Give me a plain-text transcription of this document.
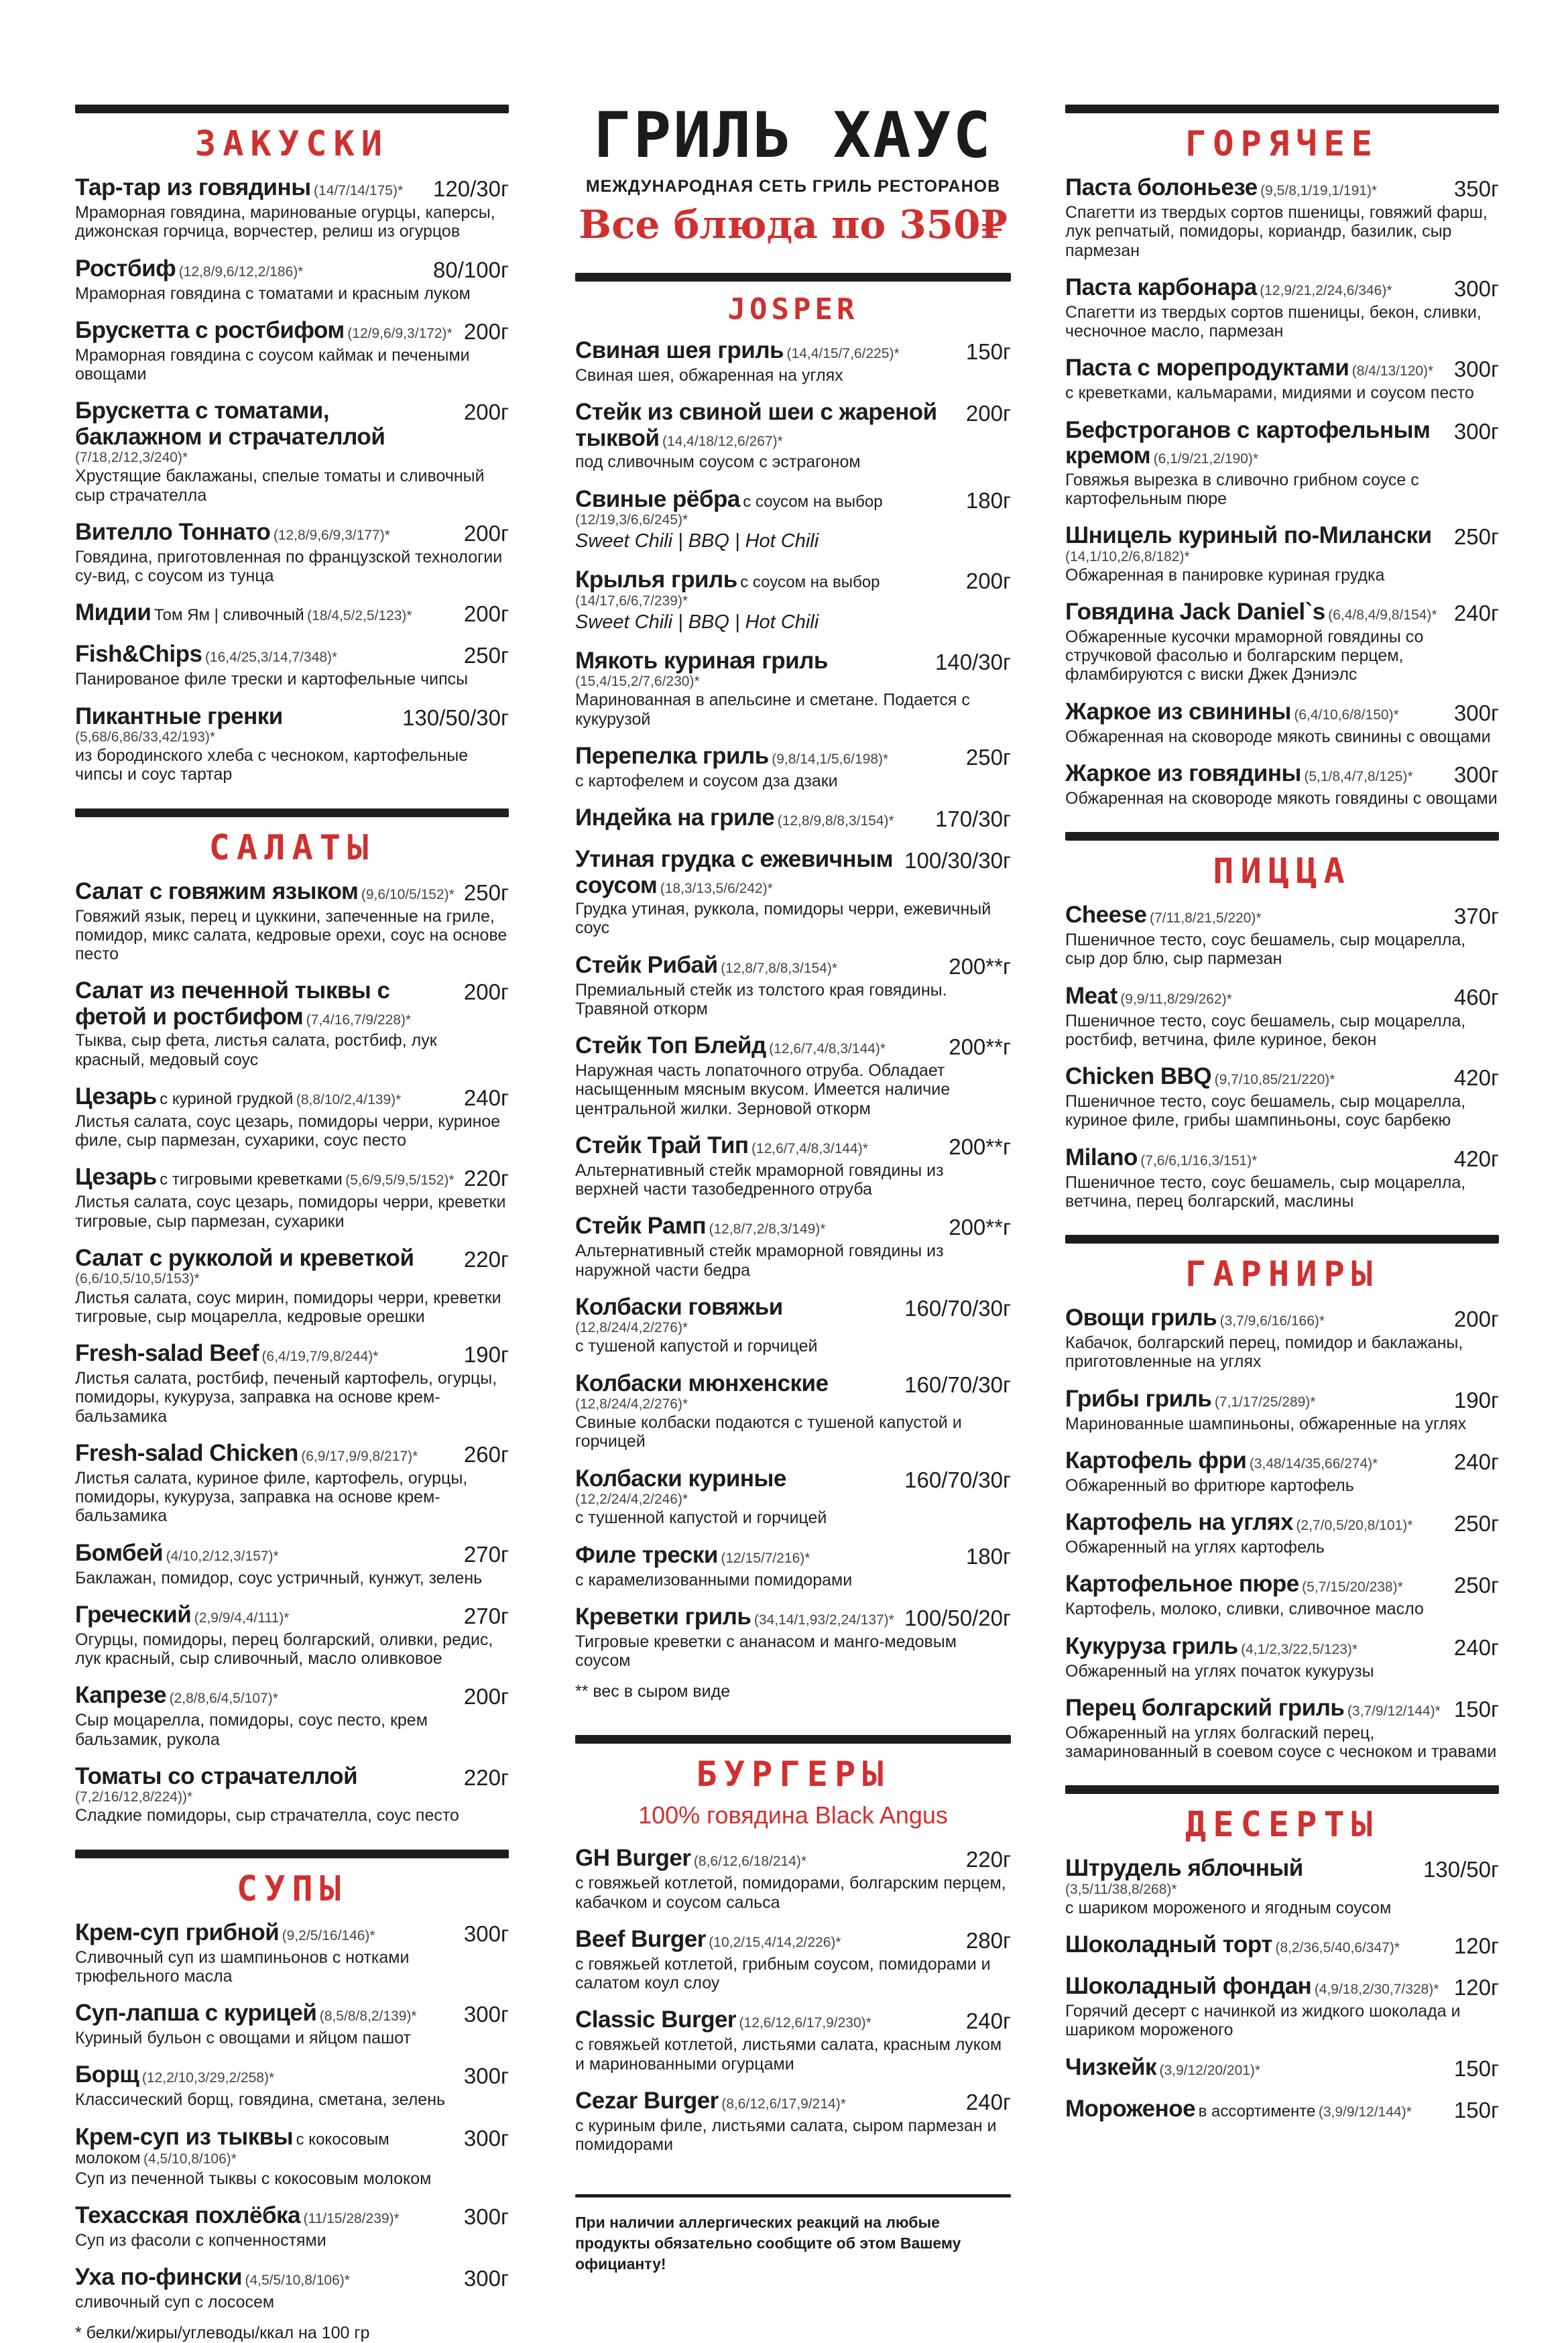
ЗАКУСКИ
Тар-тар из говядины (14/7/14/175)*	120/30г
Мраморная говядина, маринованые огурцы, каперсы, дижонская горчица, ворчестер, релиш из огурцов
Ростбиф (12,8/9,6/12,2/186)*	80/100г
Мраморная говядина с томатами и красным луком
Брускетта с ростбифом (12/9,6/9,3/172)* 200г
Мраморная говядина с соусом каймак и печеными овощами
Брускетта с томатами, баклажном и страчателлой (7/18,2/12,3/240)*
200г
Хрустящие баклажаны, спелые томаты и сливочный сыр страчателла
Вителло Тоннато (12,8/9,6/9,3/177)*	200г
Говядина, приготовленная по французской технологии су-вид, с соусом из тунца
Мидии Том Ям | сливочный (18/4,5/2,5/123)*	200г
Fish&Chips (16,4/25,3/14,7/348)*	250г
Панированое филе трески и картофельные чипсы
Пикантные гренки (5,68/6,86/33,42/193)*
130/50/30г
из бородинского хлеба с чесноком, картофельные чипсы и соус тартар
САЛАТЫ
Салат с говяжим языком (9,6/10/5/152)* 250г
Говяжий язык, перец и цуккини, запеченные на гриле, помидор, микс салата, кедровые орехи, соус на основе песто
Салат из печенной тыквы с фетой и ростбифом (7,4/16,7/9/228)*
200г
Тыква, сыр фета, листья салата, ростбиф, лук красный, медовый соус
Цезарь с куриной грудкой (8,8/10/2,4/139)*	240г
Листья салата, соус цезарь, помидоры черри, куриное филе, сыр пармезан, сухарики, соус песто
Цезарь с тигровыми креветками (5,6/9,5/9,5/152)* 220г
Листья салата, соус цезарь, помидоры черри, креветки тигровые, сыр пармезан, сухарики
Салат с рукколой и креветкой (6,6/10,5/10,5/153)*
220г
Листья салата, соус мирин, помидоры черри, креветки тигровые, сыр моцарелла, кедровые орешки
Fresh-salad Beef (6,4/19,7/9,8/244)*	190г
Листья салата, ростбиф, печеный картофель, огурцы, помидоры, кукуруза, заправка на основе крем-бальзамика
Fresh-salad Chicken (6,9/17,9/9,8/217)*	260г
Листья салата, куриное филе, картофель, огурцы, помидоры, кукуруза, заправка на основе крем-бальзамика
Бомбей (4/10,2/12,3/157)*	270г
Баклажан, помидор, соус устричный, кунжут, зелень
Греческий (2,9/9/4,4/111)*	270г
Огурцы, помидоры, перец болгарский, оливки, редис, лук красный, сыр сливочный, масло оливковое
Капрезе (2,8/8,6/4,5/107)*	200г
Сыр моцарелла, помидоры, соус песто, крем бальзамик, рукола
Томаты со страчателлой (7,2/16/12,8/224))*
220г
Сладкие помидоры, сыр страчателла, соус песто
СУПЫ
Крем-суп грибной (9,2/5/16/146)*	300г
Сливочный суп из шампиньонов с нотками трюфельного масла
Суп-лапша с курицей (8,5/8/8,2/139)*	300г
Куриный бульон с овощами и яйцом пашот
Борщ (12,2/10,3/29,2/258)*	300г
Классический борщ, говядина, сметана, зелень
Крем-суп из тыквы с кокосовым молоком (4,5/10,8/106)*
300г
Суп из печенной тыквы с кокосовым молоком
Техасская похлёбка (11/15/28/239)*	300г
Суп из фасоли с копченностями
Уха по-фински (4,5/5/10,8/106)*	300г
сливочный суп с лососем
* белки/жиры/углеводы/ккал на 100 гр
ГРИЛЬ ХАУС
МЕЖДУНАРОДНАЯ СЕТЬ ГРИЛЬ РЕСТОРАНОВ
Все блюда по 350₽
JOSPER
Свиная шея гриль (14,4/15/7,6/225)*	150г
Свиная шея, обжаренная на углях
Стейк из свиной шеи с жареной тыквой (14,4/18/12,6/267)*
200г
под сливочным соусом с эстрагоном
Свиные рёбра с соусом на выбор (12/19,3/6,6/245)*
180г
Sweet Chili | BBQ | Hot Chili
Крылья гриль с соусом на выбор (14/17,6/6,7/239)*
200г
Sweet Chili | BBQ | Hot Chili
Мякоть куриная гриль (15,4/15,2/7,6/230)*
140/30г
Маринованная в апельсине и сметане. Подается с кукурузой
Перепелка гриль (9,8/14,1/5,6/198)*	250г
с картофелем и соусом дза дзаки
Индейка на гриле (12,8/9,8/8,3/154)*	170/30г
Утиная грудка с ежевичным соусом (18,3/13,5/6/242)*
100/30/30г
Грудка утиная, руккола, помидоры черри, ежевичный соус
Стейк Рибай (12,8/7,8/8,3/154)*	200**г
Премиальный стейк из толстого края говядины. Травяной откорм
Стейк Топ Блейд (12,6/7,4/8,3/144)*	200**г
Наружная часть лопаточного отруба. Обладает насыщенным мясным вкусом. Имеется наличие центральной жилки. Зерновой откорм
Стейк Трай Тип (12,6/7,4/8,3/144)*	200**г
Альтернативный стейк мраморной говядины из верхней части тазобедренного отруба
Стейк Рамп (12,8/7,2/8,3/149)*	200**г
Альтернативный стейк мраморной говядины из наружной части бедра
Колбаски говяжьи (12,8/24/4,2/276)*
160/70/30г
с тушеной капустой и горчицей
Колбаски мюнхенские (12,8/24/4,2/276)*
160/70/30г
Свиные колбаски подаются с тушеной капустой и горчицей
Колбаски куриные (12,2/24/4,2/246)*
160/70/30г
с тушенной капустой и горчицей
Филе трески (12/15/7/216)*	180г
с карамелизованными помидорами
Креветки гриль (34,14/1,93/2,24/137)* 100/50/20г
Тигровые креветки с ананасом и манго-медовым соусом
** вес в сыром виде
БУРГЕРЫ
100% говядина Black Angus
GH Burger (8,6/12,6/18/214)*	220г
с говяжьей котлетой, помидорами, болгарским перцем, кабачком и соусом сальса
Beef Burger (10,2/15,4/14,2/226)*	280г
с говяжьей котлетой, грибным соусом, помидорами и салатом коул слоу
Classic Burger (12,6/12,6/17,9/230)*	240г
с говяжьей котлетой, листьями салата, красным луком и маринованными огурцами
Cezar Burger (8,6/12,6/17,9/214)*	240г
с куриным филе, листьями салата, сыром пармезан и помидорами
При наличии аллергических реакций на любые продукты обязательно сообщите об этом Вашему официанту!
ГОРЯЧЕЕ
Паста болоньезе (9,5/8,1/19,1/191)*	350г
Спагетти из твердых сортов пшеницы, говяжий фарш, лук репчатый, помидоры, кориандр, базилик, сыр пармезан
Паста карбонара (12,9/21,2/24,6/346)*	300г
Спагетти из твердых сортов пшеницы, бекон, сливки, чесночное масло, пармезан
Паста с морепродуктами (8/4/13/120)* 300г
с креветками, кальмарами, мидиями и соусом песто
Бефстроганов с картофельным кремом (6,1/9/21,2/190)*
300г
Говяжья вырезка в сливочно грибном соусе с картофельным пюре
Шницель куриный по-Милански (14,1/10,2/6,8/182)*
250г
Обжаренная в панировке куриная грудка
Говядина Jack Daniel`s (6,4/8,4/9,8/154)* 240г
Обжаренные кусочки мраморной говядины со стручковой фасолью и болгарским перцем, фламбируются с виски Джек Дэниэлс
Жаркое из свинины (6,4/10,6/8/150)*	300г
Обжаренная на сковороде мякоть свинины с овощами
Жаркое из говядины (5,1/8,4/7,8/125)*	300г
Обжаренная на сковороде мякоть говядины с овощами
ПИЦЦА
Cheese (7/11,8/21,5/220)*	370г
Пшеничное тесто, соус бешамель, сыр моцарелла, сыр дор блю, сыр пармезан
Meat (9,9/11,8/29/262)*	460г
Пшеничное тесто, соус бешамель, сыр моцарелла, ростбиф, ветчина, филе куриное, бекон
Chicken BBQ (9,7/10,85/21/220)*	420г
Пшеничное тесто, соус бешамель, сыр моцарелла, куриное филе, грибы шампиньоны, соус барбекю
Milano (7,6/6,1/16,3/151)*	420г
Пшеничное тесто, соус бешамель, сыр моцарелла, ветчина, перец болгарский, маслины
ГАРНИРЫ
Овощи гриль (3,7/9,6/16/166)*	200г
Кабачок, болгарский перец, помидор и баклажаны, приготовленные на углях
Грибы гриль (7,1/17/25/289)*	190г
Маринованные шампиньоны, обжаренные на углях
Картофель фри (3,48/14/35,66/274)*	240г
Обжаренный во фритюре картофель
Картофель на углях (2,7/0,5/20,8/101)*	250г
Обжаренный на углях картофель
Картофельное пюре (5,7/15/20/238)*	250г
Картофель, молоко, сливки, сливочное масло
Кукуруза гриль (4,1/2,3/22,5/123)*	240г
Обжаренный на углях початок кукурузы
Перец болгарский гриль (3,7/9/12/144)* 150г
Обжаренный на углях болгаский перец, замаринованный в соевом соусе с чесноком и травами
ДЕСЕРТЫ
Штрудель яблочный (3,5/11/38,8/268)*
130/50г
с шариком мороженого и ягодным соусом
Шоколадный торт (8,2/36,5/40,6/347)*	120г
Шоколадный фондан (4,9/18,2/30,7/328)* 120г
Горячий десерт с начинкой из жидкого шоколада и шариком мороженого
Чизкейк (3,9/12/20/201)*	150г
Мороженое в ассортименте (3,9/9/12/144)*	150г
